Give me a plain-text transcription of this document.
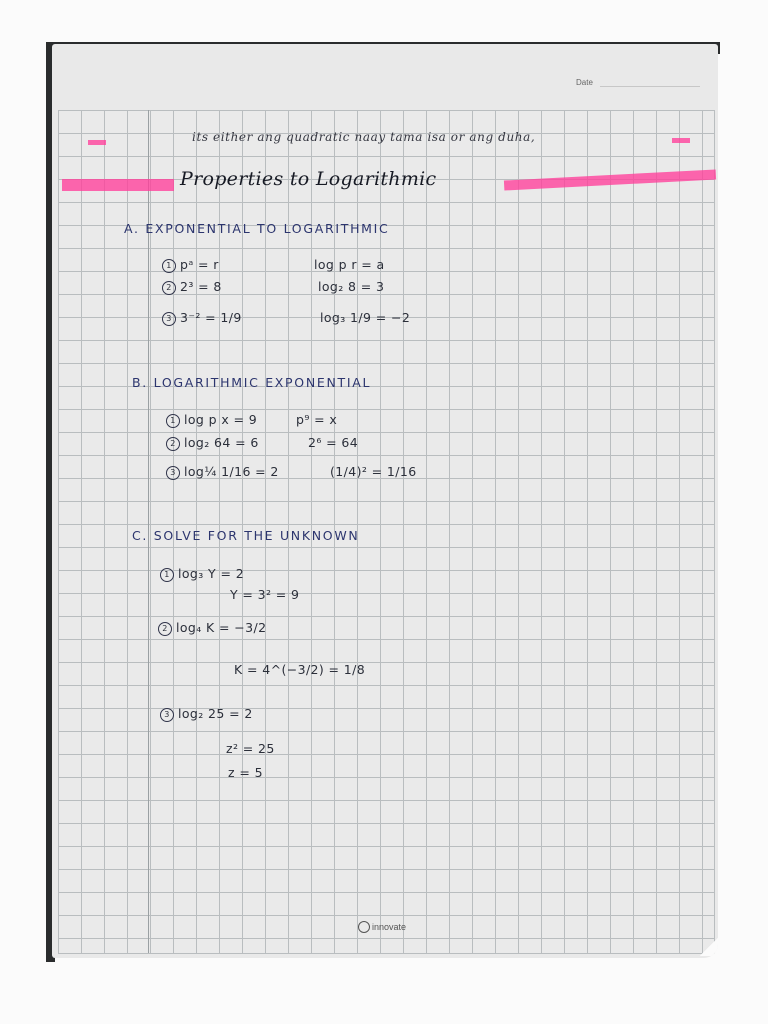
Date
its either ang quadratic naay tama isa or ang duha,
Properties to Logarithmic
A. EXPONENTIAL TO LOGARITHMIC
1 pᵃ = r	log p r = a
2 2³ = 8	log₂ 8 = 3
3 3⁻² = 1/9	log₃ 1/9 = −2
B. LOGARITHMIC EXPONENTIAL
1 log p x = 9	p⁹ = x
2 log₂ 64 = 6	2⁶ = 64
3 log¼ 1/16 = 2	(1/4)² = 1/16
C. SOLVE FOR THE UNKNOWN
1 log₃ Y = 2
Y = 3² = 9
2 log₄ K = −3/2
K = 4^(−3/2) = 1/8
3 log₂ 25 = 2
z² = 25
z = 5
innovate
